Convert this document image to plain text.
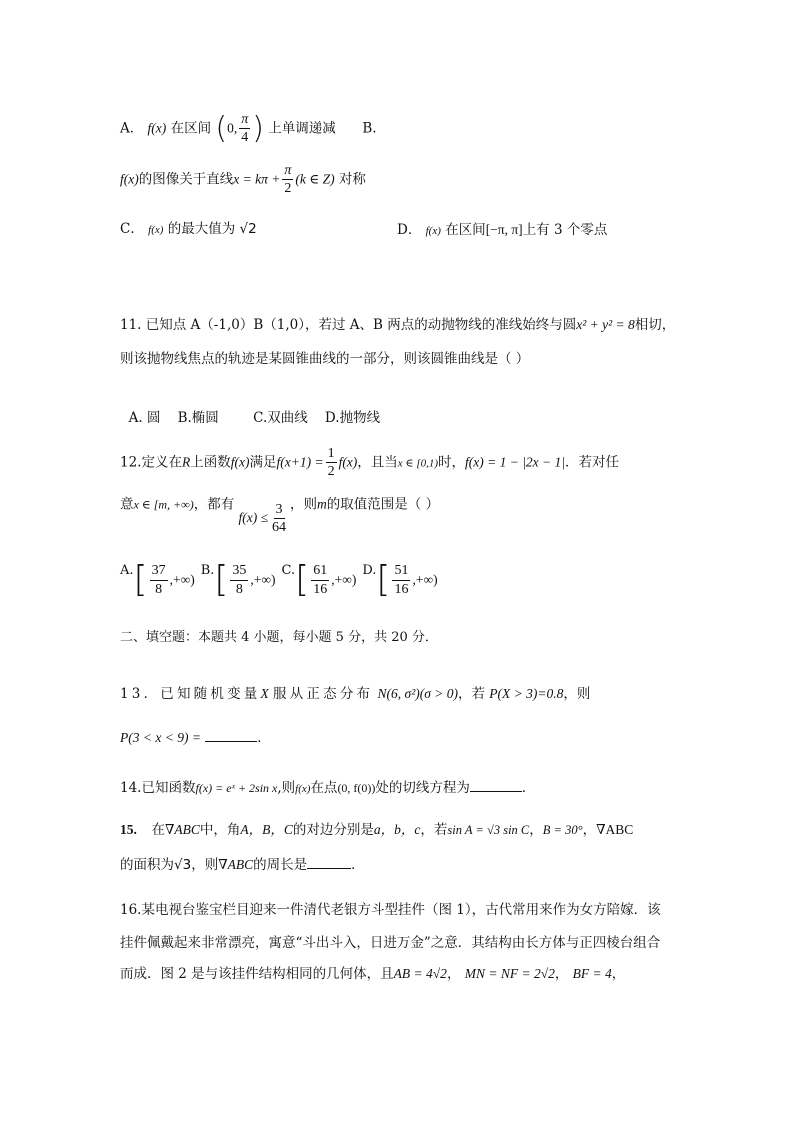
A． f(x) 在区间 (0, $\frac{\pi}{4}$ ) 上单调递减 B.
f(x)的图像关于直线$x = k\pi + \frac{\pi}{2} (k$ ∈ Z) 对称
C． f(x) 的最大值为 √2	D． f(x) 在区间[−π, π]上有 3 个零点
11. 已知点 A（-1,0）B（1,0），若过 A、B 两点的动抛物线的准线始终与圆x² + y² = 8相切，
则该抛物线焦点的轨迹是某圆锥曲线的一部分，则该圆锥曲线是（ ）

A. 圆    B.椭圆        C.双曲线    D.抛物线

12.定义在R上函数f(x)满足$f(x+1) = \frac{1}{2} f(x)$，且当x ∈ [0,1)时，f(x) = 1 − |2x − 1|．若对任
意x ∈ [m, +∞)，都有 $f(x) \le \frac{3}{64}$ ，则m的取值范围是（ ）
A. [ $\frac{37}{8}$ ,+∞)
B. [ $\frac{35}{8}$ ,+∞)
C. [ $\frac{61}{16}$ ,+∞)
D. [ $\frac{51}{16}$ ,+∞)
二、填空题：本题共 4 小题，每小题 5 分，共 20 分．
13．已知随机变量X 服从正态分布 N(6, σ²)(σ > 0)，若 P(X > 3)=0.8，则
P(3 < x < 9) =	．
14.已知函数f(x) = eˣ + 2sin x,则f(x)在点(0, f(0))处的切线方程为	．
15. 在∇ABC中，角A，B，C的对边分别是a，b，c，若sin A = √3 sin C，B = 30°，∇ABC
的面积为√3，则∇ABC的周长是	．
16.某电视台鉴宝栏目迎来一件清代老银方斗型挂件（图 1），古代常用来作为女方陪嫁．该
挂件佩戴起来非常漂亮，寓意“斗出斗入，日进万金”之意．其结构由长方体与正四棱台组合
而成．图 2 是与该挂件结构相同的几何体，且AB = 4√2， MN = NF = 2√2， BF = 4，
